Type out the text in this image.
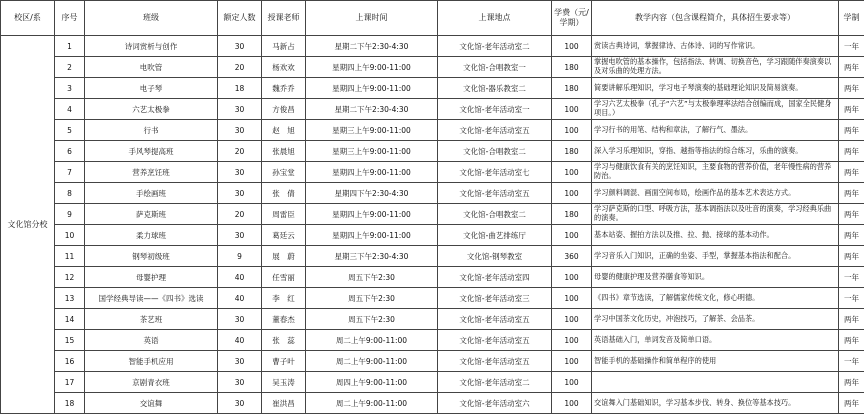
校区/系	序号	班级	额定人数	授课老师	上课时间	上课地点	学费（元/学期）	教学内容（包含课程简介，具体招生要求等）	学制
文化馆分校	1	诗词赏析与创作	30	马新占	星期二下午2:30-4:30	文化馆-老年活动室二	100	赏读古典诗词，掌握律诗、古体诗、词的写作常识。	一年
	2	电吹管	20	杨欢欢	星期四上午9:00-11:00	文化馆-合唱教室一	180	掌握电吹管的基本操作，包括指法、转调、切换音色，学习跟随伴奏演奏以及对乐曲的处理方法。	两年
	3	电子琴	18	魏乔乔	星期四上午9:00-11:00	文化馆-器乐教室二	180	简要讲解乐理知识，学习电子琴演奏的基础理论知识及简易演奏。	两年
	4	六艺太极拳	30	方俊昌	星期二下午2:30-4:30	文化馆-老年活动室一	100	学习六艺太极拳（孔子“六艺”与太极拳理率法结合创编而成，国家全民健身项目。）	两年
	5	行书	30	赵　旭	星期三上午9:00-11:00	文化馆-老年活动室五	100	学习行书的用笔、结构和章法，了解行气、墨法。	两年
	6	手风琴提高班	20	张晨旭	星期三上午9:00-11:00	文化馆-合唱教室二	180	深入学习乐理知识，穿指、越指等指法的综合练习，乐曲的演奏。	两年
	7	营养烹饪班	30	孙宝堂	星期四上午9:00-11:00	文化馆-老年活动室七	100	学习与健康饮食有关的烹饪知识，主要食物的营养价值，老年慢性病的营养防治。	两年
	8	手绘画班	30	张　倩	星期四下午2:30-4:30	文化馆-老年活动室五	100	学习颜料调混、画面空间布局，绘画作品的基本艺术表达方式。	两年
	9	萨克斯班	20	周雷臣	星期四上午9:00-11:00	文化馆-合唱教室二	180	学习萨克斯的口型、呼吸方法，基本调指法以及吐音的演奏，学习经典乐曲的演奏。	两年
	10	柔力球班	30	葛廷云	星期四上午9:00-11:00	文化馆-曲艺排练厅	100	基本站姿、握拍方法以及推、拉、抛、接球的基本动作。	两年
	11	钢琴初级班	9	展　蔚	星期三下午2:30-4:30	文化馆-钢琴教室	360	学习音乐入门知识，正确的坐姿、手型，掌握基本指法和配合。	两年
	12	母婴护理	40	任雪丽	周五下午2:30	文化馆-老年活动室四	100	母婴的健康护理及营养膳食等知识。	一年
	13	国学经典导读——《四书》选读	40	李　红	周五下午2:30	文化馆-老年活动室三	100	《四书》章节选读，了解儒家传统文化，修心明德。	一年
	14	茶艺班	30	董春杰	周五下午2:30	文化馆-老年活动室五	100	学习中国茶文化历史，冲泡技巧，了解茶、会品茶。	两年
	15	英语	40	张　蕊	周二上午9:00-11:00	文化馆-老年活动室五	100	英语基础入门，单词发音及简单口语。	两年
	16	智能手机应用	30	曹子叶	周二上午9:00-11:00	文化馆-老年活动室五	100	智能手机的基础操作和简单程序的使用	一年
	17	京剧青衣班	30	吴玉涛	周四上午9:00-11:00	文化馆-老年活动室二	100		两年
	18	交谊舞	30	崔洪昌	周二上午9:00-11:00	文化馆-老年活动室六	100	交谊舞入门基础知识，学习基本步伐、转身、换位等基本技巧。	两年
